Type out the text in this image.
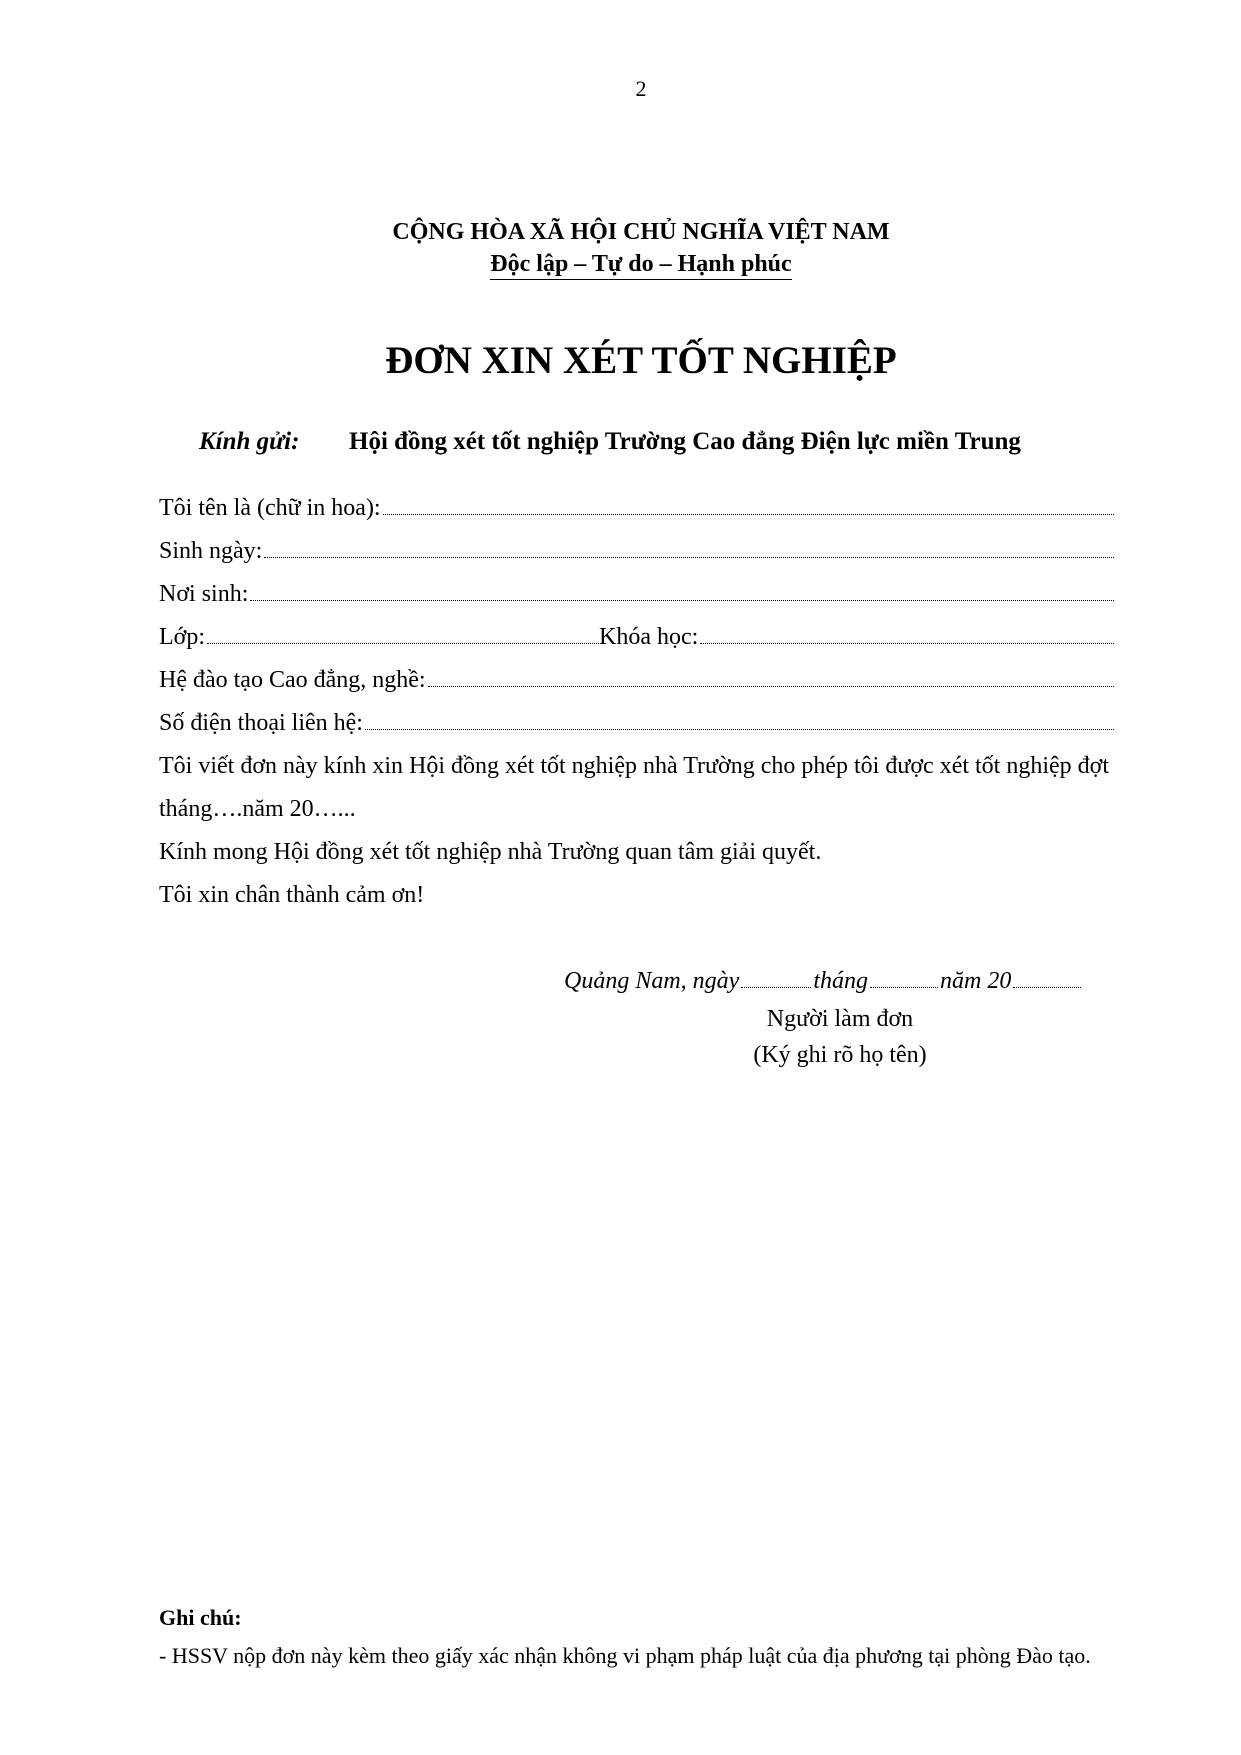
2
CỘNG HÒA XÃ HỘI CHỦ NGHĨA VIỆT NAM
Độc lập – Tự do – Hạnh phúc
ĐƠN XIN XÉT TỐT NGHIỆP
Kính gửi: Hội đồng xét tốt nghiệp Trường Cao đẳng Điện lực miền Trung
Tôi tên là (chữ in hoa):
Sinh ngày:
Nơi sinh:
Lớp:	Khóa học:
Hệ đào tạo Cao đẳng, nghề:
Số điện thoại liên hệ:
Tôi viết đơn này kính xin Hội đồng xét tốt nghiệp nhà Trường cho phép tôi được xét tốt nghiệp đợt tháng….năm 20…...
Kính mong Hội đồng xét tốt nghiệp nhà Trường quan tâm giải quyết.
Tôi xin chân thành cảm ơn!
Quảng Nam, ngày	tháng	năm 20
Người làm đơn
(Ký ghi rõ họ tên)
Ghi chú:
- HSSV nộp đơn này kèm theo giấy xác nhận không vi phạm pháp luật của địa phương tại phòng Đào tạo.
